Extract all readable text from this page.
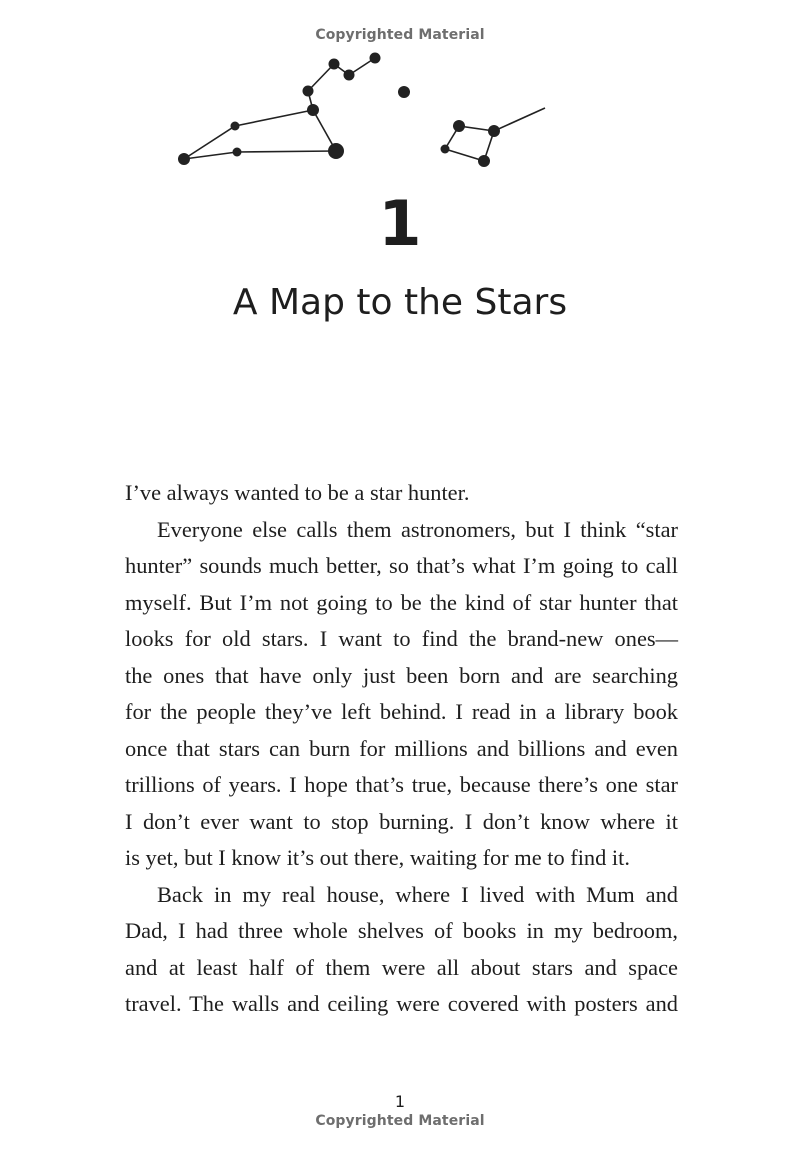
Copyrighted Material
1
A Map to the Stars
I’ve always wanted to be a star hunter.
Everyone else calls them astronomers, but I think “star
hunter” sounds much better, so that’s what I’m going to call
myself. But I’m not going to be the kind of star hunter that
looks for old stars. I want to find the brand-new ones—
the ones that have only just been born and are searching
for the people they’ve left behind. I read in a library book
once that stars can burn for millions and billions and even
trillions of years. I hope that’s true, because there’s one star
I don’t ever want to stop burning. I don’t know where it
is yet, but I know it’s out there, waiting for me to find it.
Back in my real house, where I lived with Mum and
Dad, I had three whole shelves of books in my bedroom,
and at least half of them were all about stars and space
travel. The walls and ceiling were covered with posters and
1
Copyrighted Material
